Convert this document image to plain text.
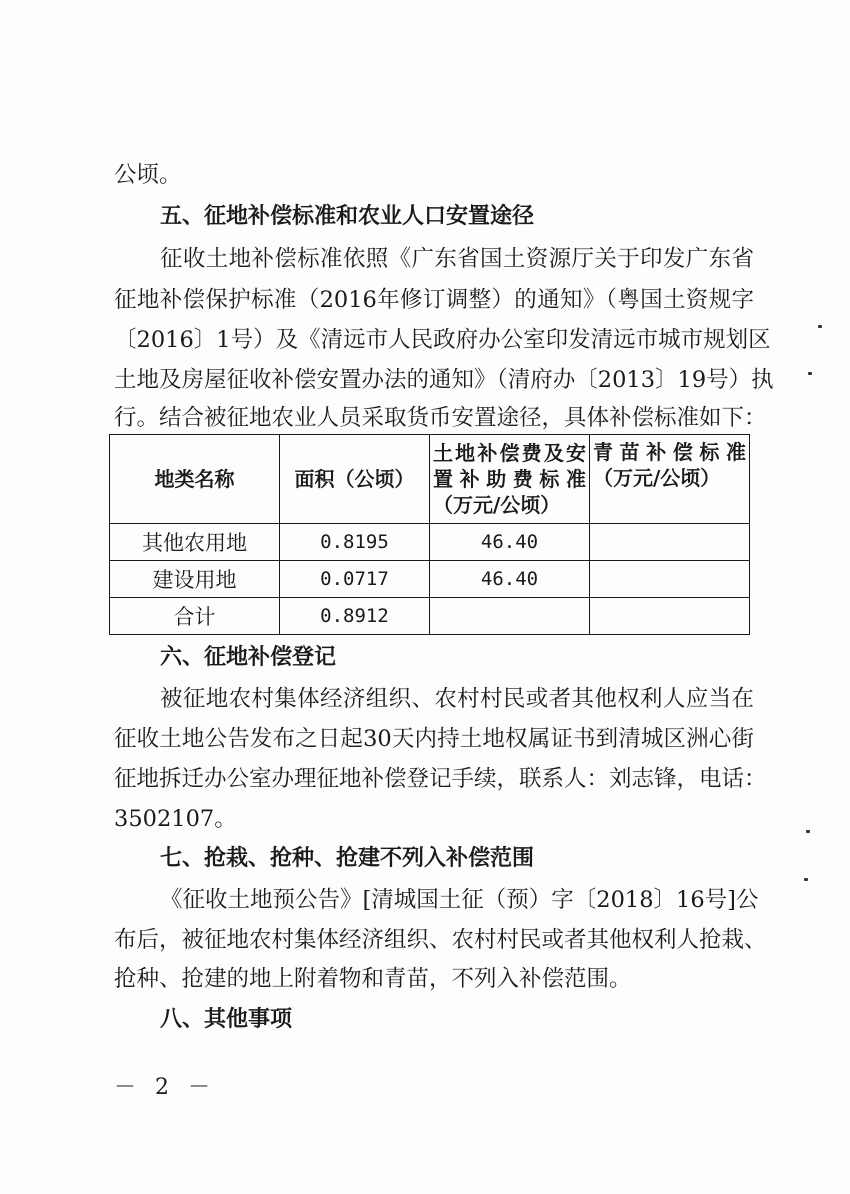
公顷。
五、征地补偿标准和农业人口安置途径
征收土地补偿标准依照《广东省国土资源厅关于印发广东省
征地补偿保护标准（2016年修订调整）的通知》（粤国土资规字
〔2016〕1号）及《清远市人民政府办公室印发清远市城市规划区
土地及房屋征收补偿安置办法的通知》（清府办〔2013〕19号）执
行。结合被征地农业人员采取货币安置途径，具体补偿标准如下：
地类名称	面积（公顷）	土地补偿费及安置补助费标准（万元/公顷）	青苗补偿标准（万元/公顷）
其他农用地	0.8195	46.40	
建设用地	0.0717	46.40	
合计	0.8912		
六、征地补偿登记
被征地农村集体经济组织、农村村民或者其他权利人应当在
征收土地公告发布之日起30天内持土地权属证书到清城区洲心街
征地拆迁办公室办理征地补偿登记手续，联系人：刘志锋，电话：
3502107。
七、抢栽、抢种、抢建不列入补偿范围
《征收土地预公告》[清城国土征（预）字〔2018〕16号]公
布后，被征地农村集体经济组织、农村村民或者其他权利人抢栽、
抢种、抢建的地上附着物和青苗，不列入补偿范围。
八、其他事项
－ 2 －
